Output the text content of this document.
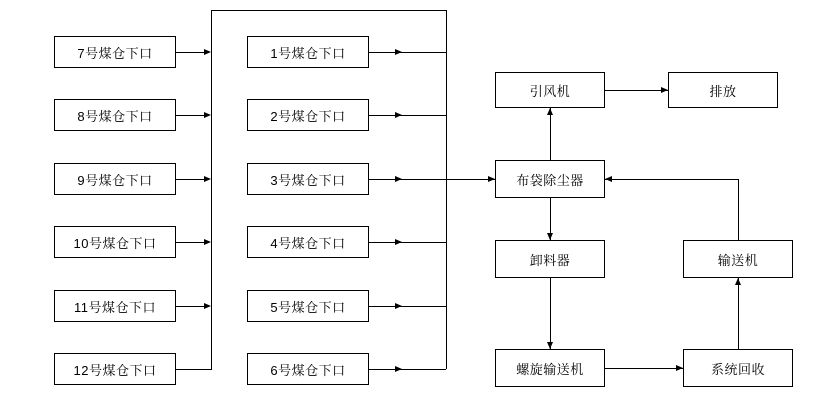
7号煤仓下口
8号煤仓下口
9号煤仓下口
10号煤仓下口
11号煤仓下口
12号煤仓下口
1号煤仓下口
2号煤仓下口
3号煤仓下口
4号煤仓下口
5号煤仓下口
6号煤仓下口
引风机	排放
布袋除尘器
卸料器	输送机
螺旋输送机	系统回收
